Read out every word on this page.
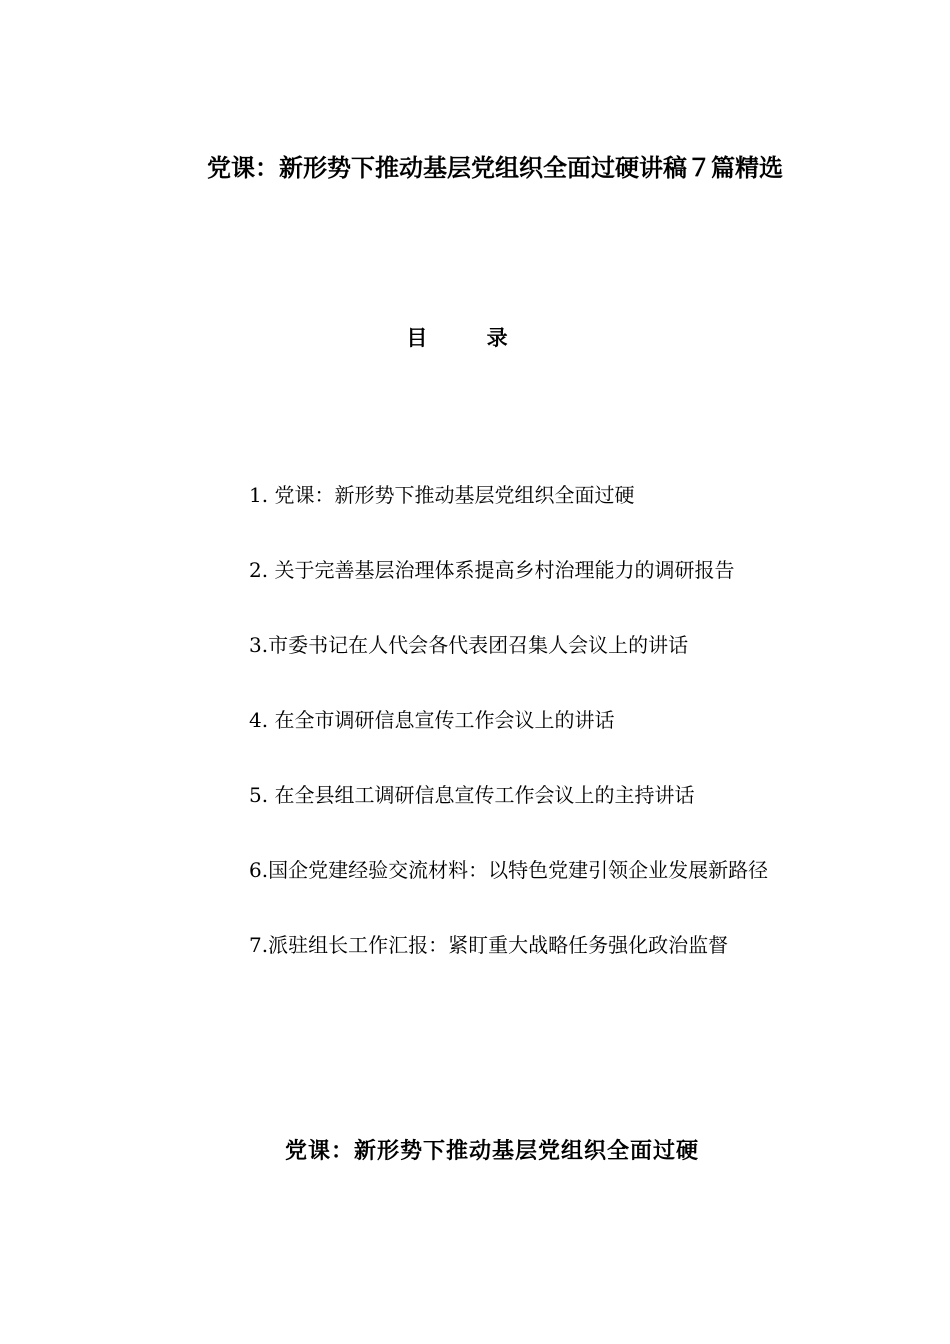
党课：新形势下推动基层党组织全面过硬讲稿７篇精选
目 录
1. 党课：新形势下推动基层党组织全面过硬
2. 关于完善基层治理体系提高乡村治理能力的调研报告
3.市委书记在人代会各代表团召集人会议上的讲话
4. 在全市调研信息宣传工作会议上的讲话
5. 在全县组工调研信息宣传工作会议上的主持讲话
6.国企党建经验交流材料：以特色党建引领企业发展新路径
7.派驻组长工作汇报：紧盯重大战略任务强化政治监督
党课：新形势下推动基层党组织全面过硬
